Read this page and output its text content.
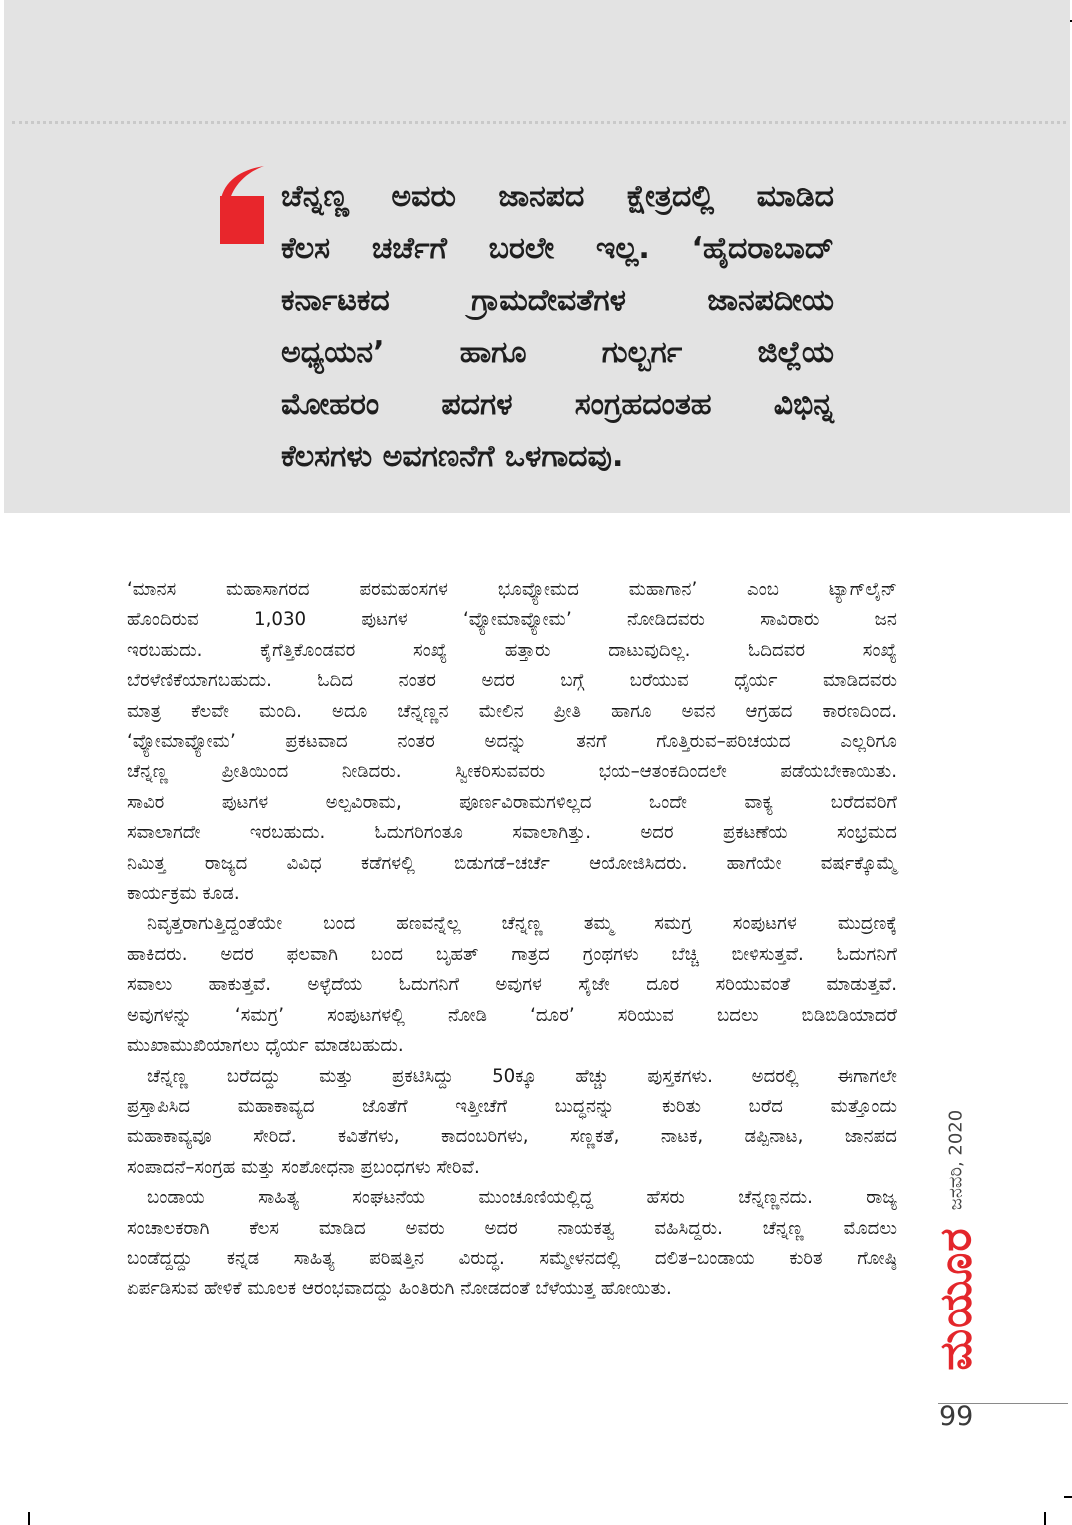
ಚೆನ್ನಣ್ಣ ಅವರು ಜಾನಪದ ಕ್ಷೇತ್ರದಲ್ಲಿ ಮಾಡಿದ
ಕೆಲಸ ಚರ್ಚೆಗೆ ಬರಲೇ ಇಲ್ಲ. ‘ಹೈದರಾಬಾದ್
ಕರ್ನಾಟಕದ ಗ್ರಾಮದೇವತೆಗಳ ಜಾನಪದೀಯ
ಅಧ್ಯಯನ’ ಹಾಗೂ ಗುಲ್ಬರ್ಗ ಜಿಲ್ಲೆಯ
ಮೋಹರಂ ಪದಗಳ ಸಂಗ್ರಹದಂತಹ ವಿಭಿನ್ನ
ಕೆಲಸಗಳು ಅವಗಣನೆಗೆ ಒಳಗಾದವು.
‘ಮಾನಸ ಮಹಾಸಾಗರದ ಪರಮಹಂಸಗಳ ಭೂವ್ಯೋಮದ ಮಹಾಗಾನ’ ಎಂಬ ಟ್ಯಾಗ್‌ಲೈನ್
ಹೊಂದಿರುವ 1,030 ಪುಟಗಳ ‘ವ್ಯೋಮಾವ್ಯೋಮ’ ನೋಡಿದವರು ಸಾವಿರಾರು ಜನ
ಇರಬಹುದು. ಕೈಗೆತ್ತಿಕೊಂಡವರ ಸಂಖ್ಯೆ ಹತ್ತಾರು ದಾಟುವುದಿಲ್ಲ. ಓದಿದವರ ಸಂಖ್ಯೆ
ಬೆರಳೆಣಿಕೆಯಾಗಬಹುದು. ಓದಿದ ನಂತರ ಅದರ ಬಗ್ಗೆ ಬರೆಯುವ ಧೈರ್ಯ ಮಾಡಿದವರು
ಮಾತ್ರ ಕೆಲವೇ ಮಂದಿ. ಅದೂ ಚೆನ್ನಣ್ಣನ ಮೇಲಿನ ಪ್ರೀತಿ ಹಾಗೂ ಅವನ ಆಗ್ರಹದ ಕಾರಣದಿಂದ.
‘ವ್ಯೋಮಾವ್ಯೋಮ’ ಪ್ರಕಟವಾದ ನಂತರ ಅದನ್ನು ತನಗೆ ಗೊತ್ತಿರುವ–ಪರಿಚಯದ ಎಲ್ಲರಿಗೂ
ಚೆನ್ನಣ್ಣ ಪ್ರೀತಿಯಿಂದ ನೀಡಿದರು. ಸ್ವೀಕರಿಸುವವರು ಭಯ–ಆತಂಕದಿಂದಲೇ ಪಡೆಯಬೇಕಾಯಿತು.
ಸಾವಿರ ಪುಟಗಳ ಅಲ್ಪವಿರಾಮ, ಪೂರ್ಣವಿರಾಮಗಳಿಲ್ಲದ ಒಂದೇ ವಾಕ್ಯ ಬರೆದವರಿಗೆ
ಸವಾಲಾಗದೇ ಇರಬಹುದು. ಓದುಗರಿಗಂತೂ ಸವಾಲಾಗಿತ್ತು. ಅದರ ಪ್ರಕಟಣೆಯ ಸಂಭ್ರಮದ
ನಿಮಿತ್ತ ರಾಜ್ಯದ ವಿವಿಧ ಕಡೆಗಳಲ್ಲಿ ಬಿಡುಗಡೆ–ಚರ್ಚೆ ಆಯೋಜಿಸಿದರು. ಹಾಗೆಯೇ ವರ್ಷಕ್ಕೊಮ್ಮೆ
ಕಾರ್ಯಕ್ರಮ ಕೂಡ.
ನಿವೃತ್ತರಾಗುತ್ತಿದ್ದಂತೆಯೇ ಬಂದ ಹಣವನ್ನೆಲ್ಲ ಚೆನ್ನಣ್ಣ ತಮ್ಮ ಸಮಗ್ರ ಸಂಪುಟಗಳ ಮುದ್ರಣಕ್ಕೆ
ಹಾಕಿದರು. ಅದರ ಫಲವಾಗಿ ಬಂದ ಬೃಹತ್ ಗಾತ್ರದ ಗ್ರಂಥಗಳು ಬೆಚ್ಚಿ ಬೀಳಿಸುತ್ತವೆ. ಓದುಗನಿಗೆ
ಸವಾಲು ಹಾಕುತ್ತವೆ. ಅಳ್ಳೆದೆಯ ಓದುಗನಿಗೆ ಅವುಗಳ ಸೈಜೇ ದೂರ ಸರಿಯುವಂತೆ ಮಾಡುತ್ತವೆ.
ಅವುಗಳನ್ನು ‘ಸಮಗ್ರ’ ಸಂಪುಟಗಳಲ್ಲಿ ನೋಡಿ ‘ದೂರ’ ಸರಿಯುವ ಬದಲು ಬಿಡಿಬಿಡಿಯಾದರೆ
ಮುಖಾಮುಖಿಯಾಗಲು ಧೈರ್ಯ ಮಾಡಬಹುದು.
ಚೆನ್ನಣ್ಣ ಬರೆದದ್ದು ಮತ್ತು ಪ್ರಕಟಿಸಿದ್ದು 50ಕ್ಕೂ ಹೆಚ್ಚು ಪುಸ್ತಕಗಳು. ಅದರಲ್ಲಿ ಈಗಾಗಲೇ
ಪ್ರಸ್ತಾಪಿಸಿದ ಮಹಾಕಾವ್ಯದ ಜೊತೆಗೆ ಇತ್ತೀಚೆಗೆ ಬುದ್ಧನನ್ನು ಕುರಿತು ಬರೆದ ಮತ್ತೊಂದು
ಮಹಾಕಾವ್ಯವೂ ಸೇರಿದೆ. ಕವಿತೆಗಳು, ಕಾದಂಬರಿಗಳು, ಸಣ್ಣಕತೆ, ನಾಟಕ, ಡಪ್ಪಿನಾಟ, ಜಾನಪದ
ಸಂಪಾದನೆ–ಸಂಗ್ರಹ ಮತ್ತು ಸಂಶೋಧನಾ ಪ್ರಬಂಧಗಳು ಸೇರಿವೆ.
ಬಂಡಾಯ ಸಾಹಿತ್ಯ ಸಂಘಟನೆಯ ಮುಂಚೂಣಿಯಲ್ಲಿದ್ದ ಹೆಸರು ಚೆನ್ನಣ್ಣನದು. ರಾಜ್ಯ
ಸಂಚಾಲಕರಾಗಿ ಕೆಲಸ ಮಾಡಿದ ಅವರು ಅದರ ನಾಯಕತ್ವ ವಹಿಸಿದ್ದರು. ಚೆನ್ನಣ್ಣ ಮೊದಲು
ಬಂಡೆದ್ದದ್ದು ಕನ್ನಡ ಸಾಹಿತ್ಯ ಪರಿಷತ್ತಿನ ವಿರುದ್ಧ. ಸಮ್ಮೇಳನದಲ್ಲಿ ದಲಿತ–ಬಂಡಾಯ ಕುರಿತ ಗೋಷ್ಠಿ
ಏರ್ಪಡಿಸುವ ಹೇಳಿಕೆ ಮೂಲಕ ಆರಂಭವಾದದ್ದು ಹಿಂತಿರುಗಿ ನೋಡದಂತೆ ಬೆಳೆಯುತ್ತ ಹೋಯಿತು.
ಜನವರಿ, 2020
ಮಯೂರ
99
